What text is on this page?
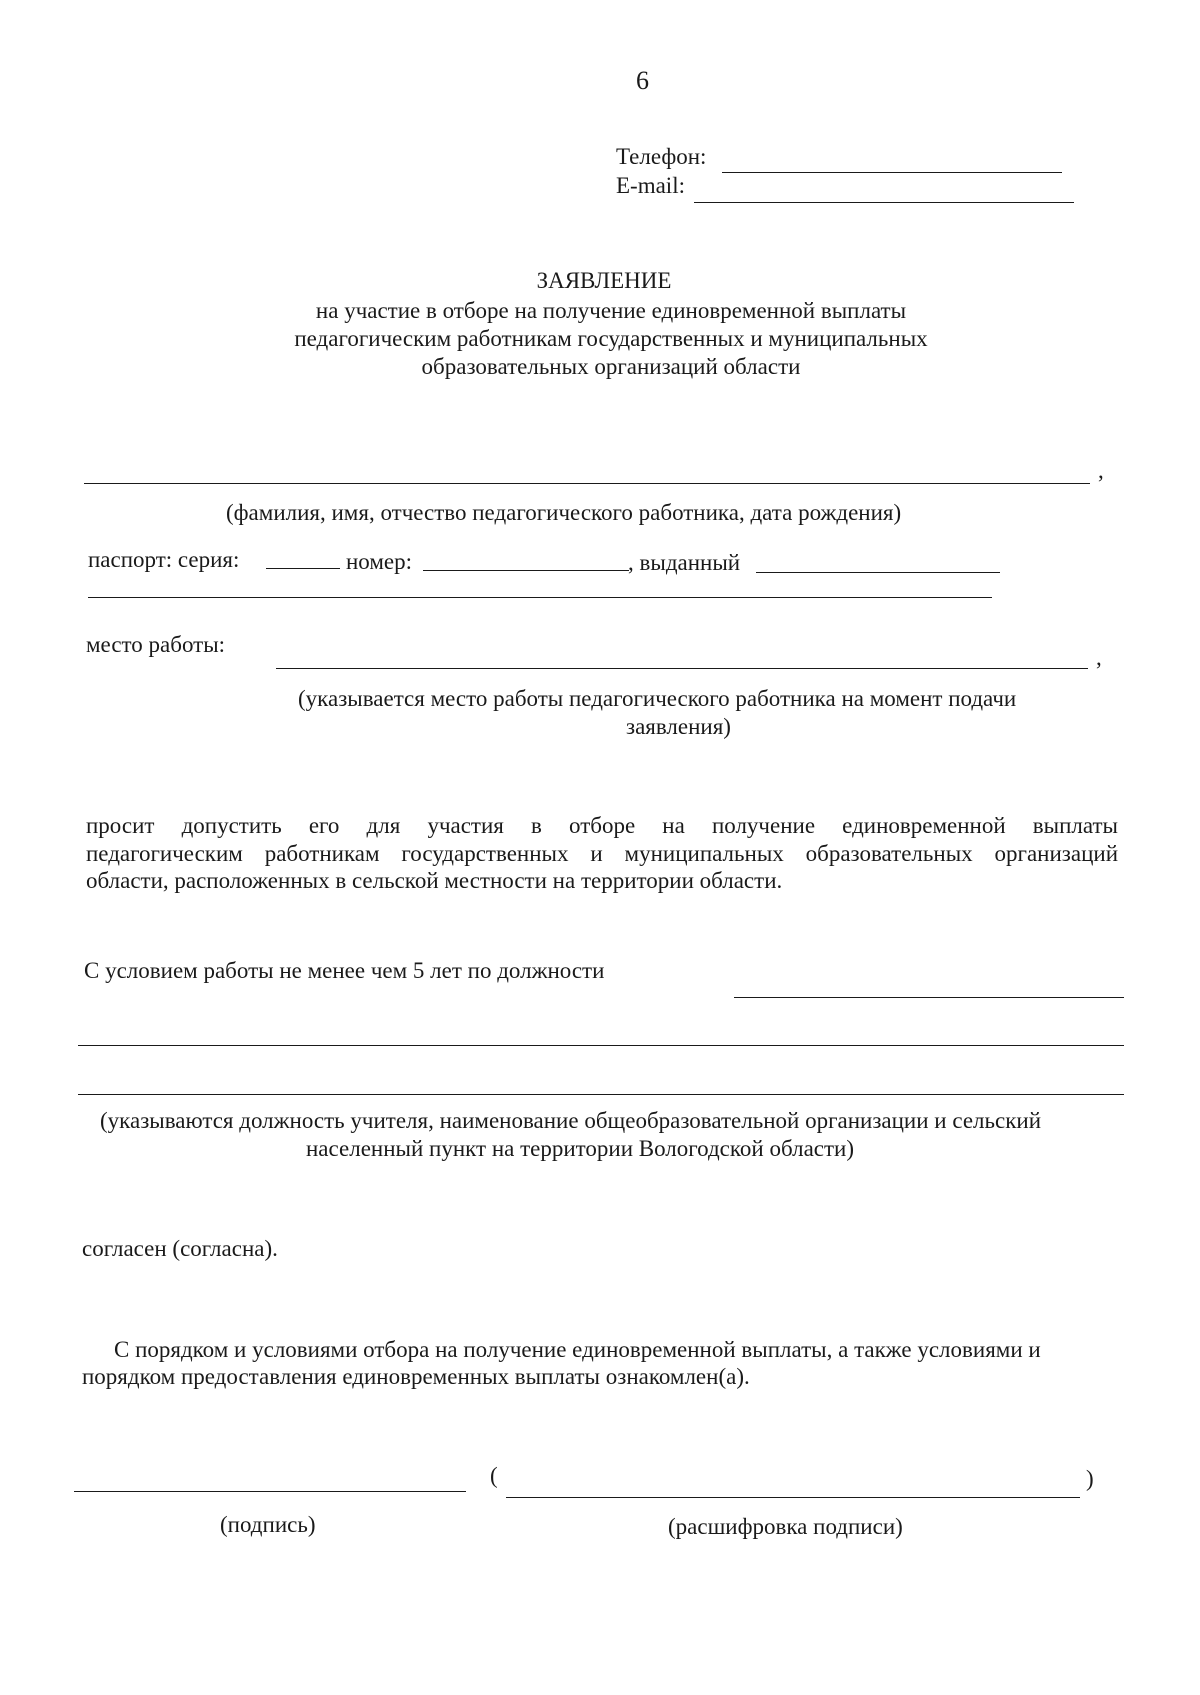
6
Телефон:
E-mail:
ЗАЯВЛЕНИЕ
на участие в отборе на получение единовременной выплаты
педагогическим работникам государственных и муниципальных
образовательных организаций области
,
(фамилия, имя, отчество педагогического работника, дата рождения)
паспорт: серия:	номер:	, выданный
место работы:
,
(указывается место работы педагогического работника на момент подачи
заявления)
просит допустить его для участия в отборе на получение единовременной выплаты
педагогическим работникам государственных и муниципальных образовательных организаций
области, расположенных в сельской местности на территории области.
С условием работы не менее чем 5 лет по должности
(указываются должность учителя, наименование общеобразовательной организации и сельский
населенный пункт на территории Вологодской области)
согласен (согласна).
С порядком и условиями отбора на получение единовременной выплаты, а также условиями и
порядком предоставления единовременных выплаты ознакомлен(а).
(	)
(подпись)	(расшифровка подписи)
